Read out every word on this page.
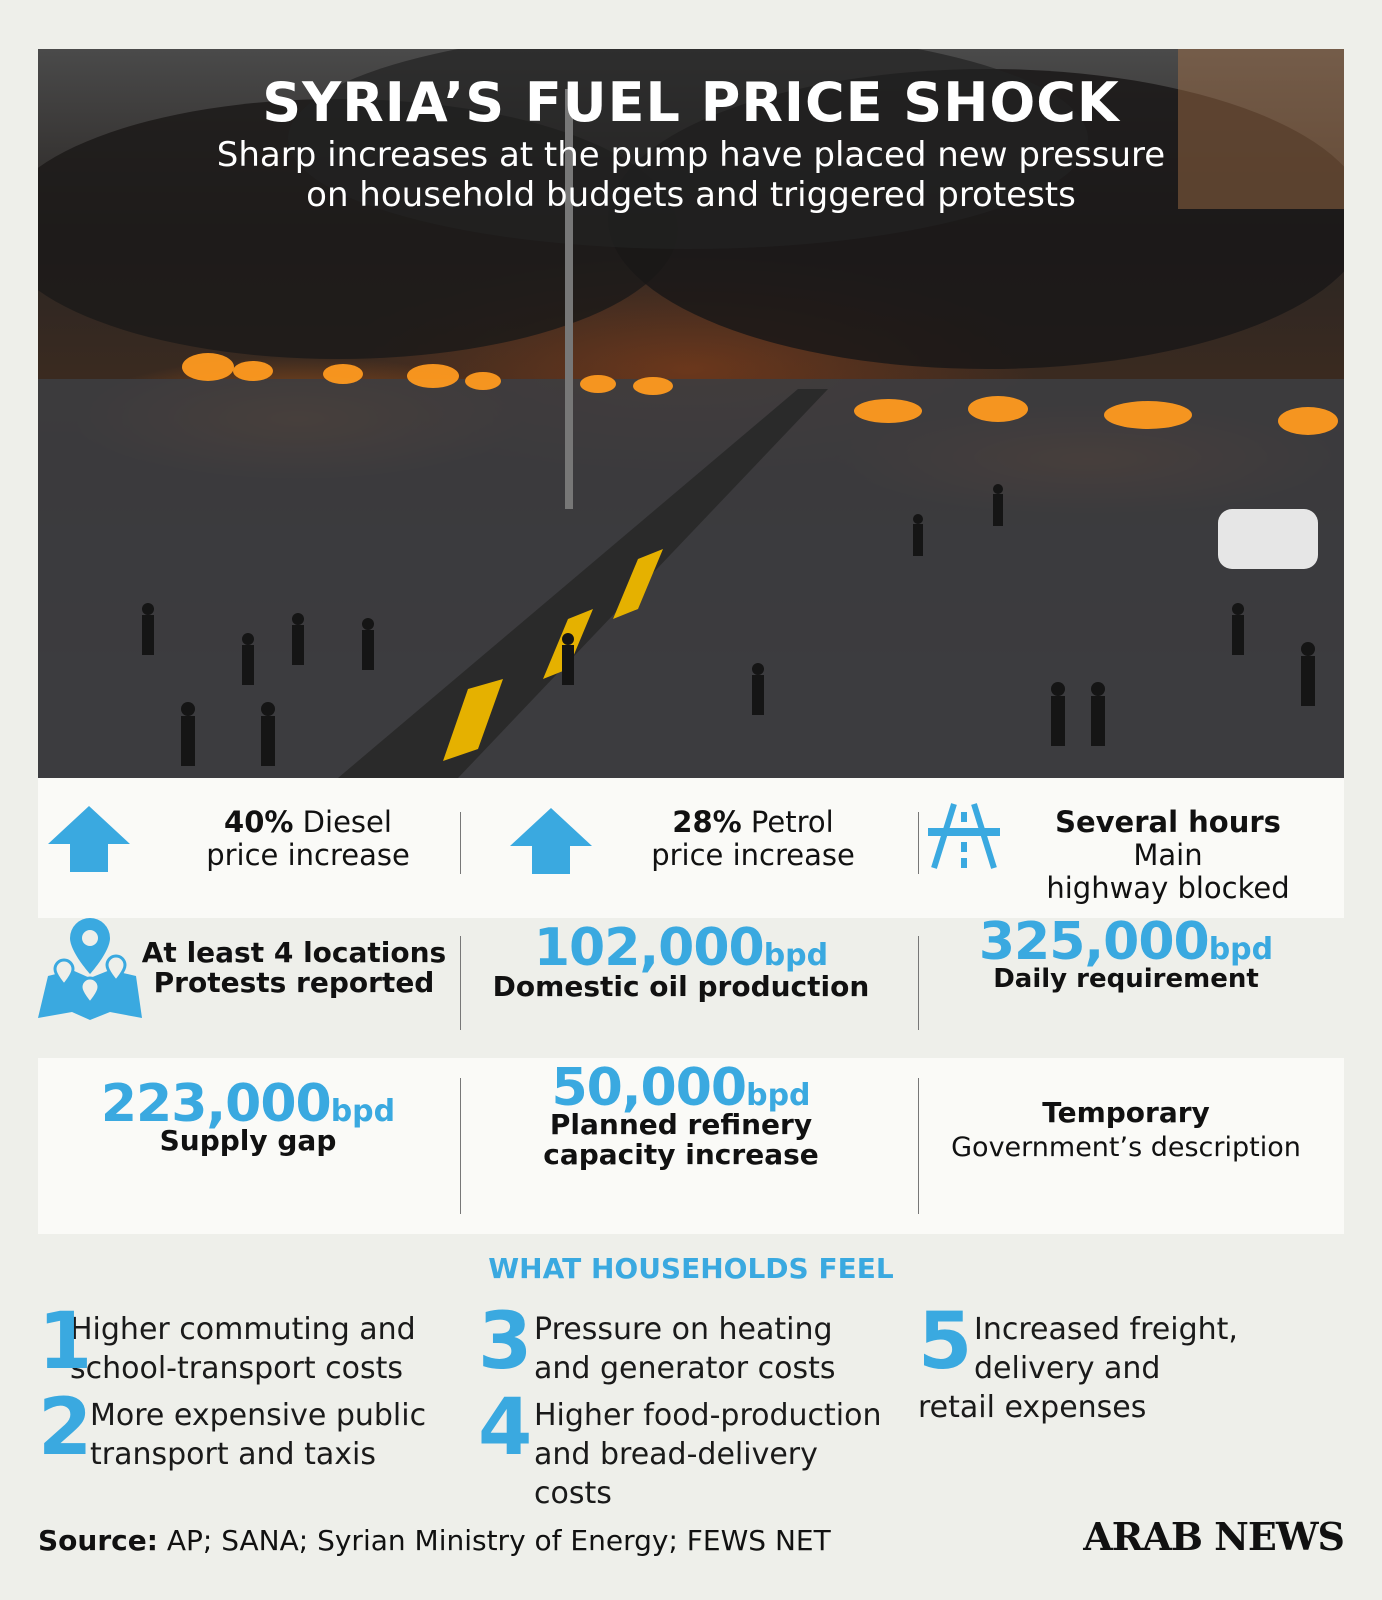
SYRIA’S FUEL PRICE SHOCK
Sharp increases at the pump have placed new pressure
on household budgets and triggered protests
40% Diesel
price increase
28% Petrol
price increase
Several hours Main
highway blocked
At least 4 locations
Protests reported
102,000bpd
Domestic oil production
325,000bpd
Daily requirement
223,000bpd
Supply gap
50,000bpd
Planned refinery
capacity increase
Temporary
Government’s description
WHAT HOUSEHOLDS FEEL
1
Higher commuting and
school-transport costs
2
More expensive public
transport and taxis
3 Pressure on heating
and generator costs
4 Higher food-production
and bread-delivery costs
5 Increased freight,
delivery and
retail expenses
Source: AP; SANA; Syrian Ministry of Energy; FEWS NET	ARAB NEWS
